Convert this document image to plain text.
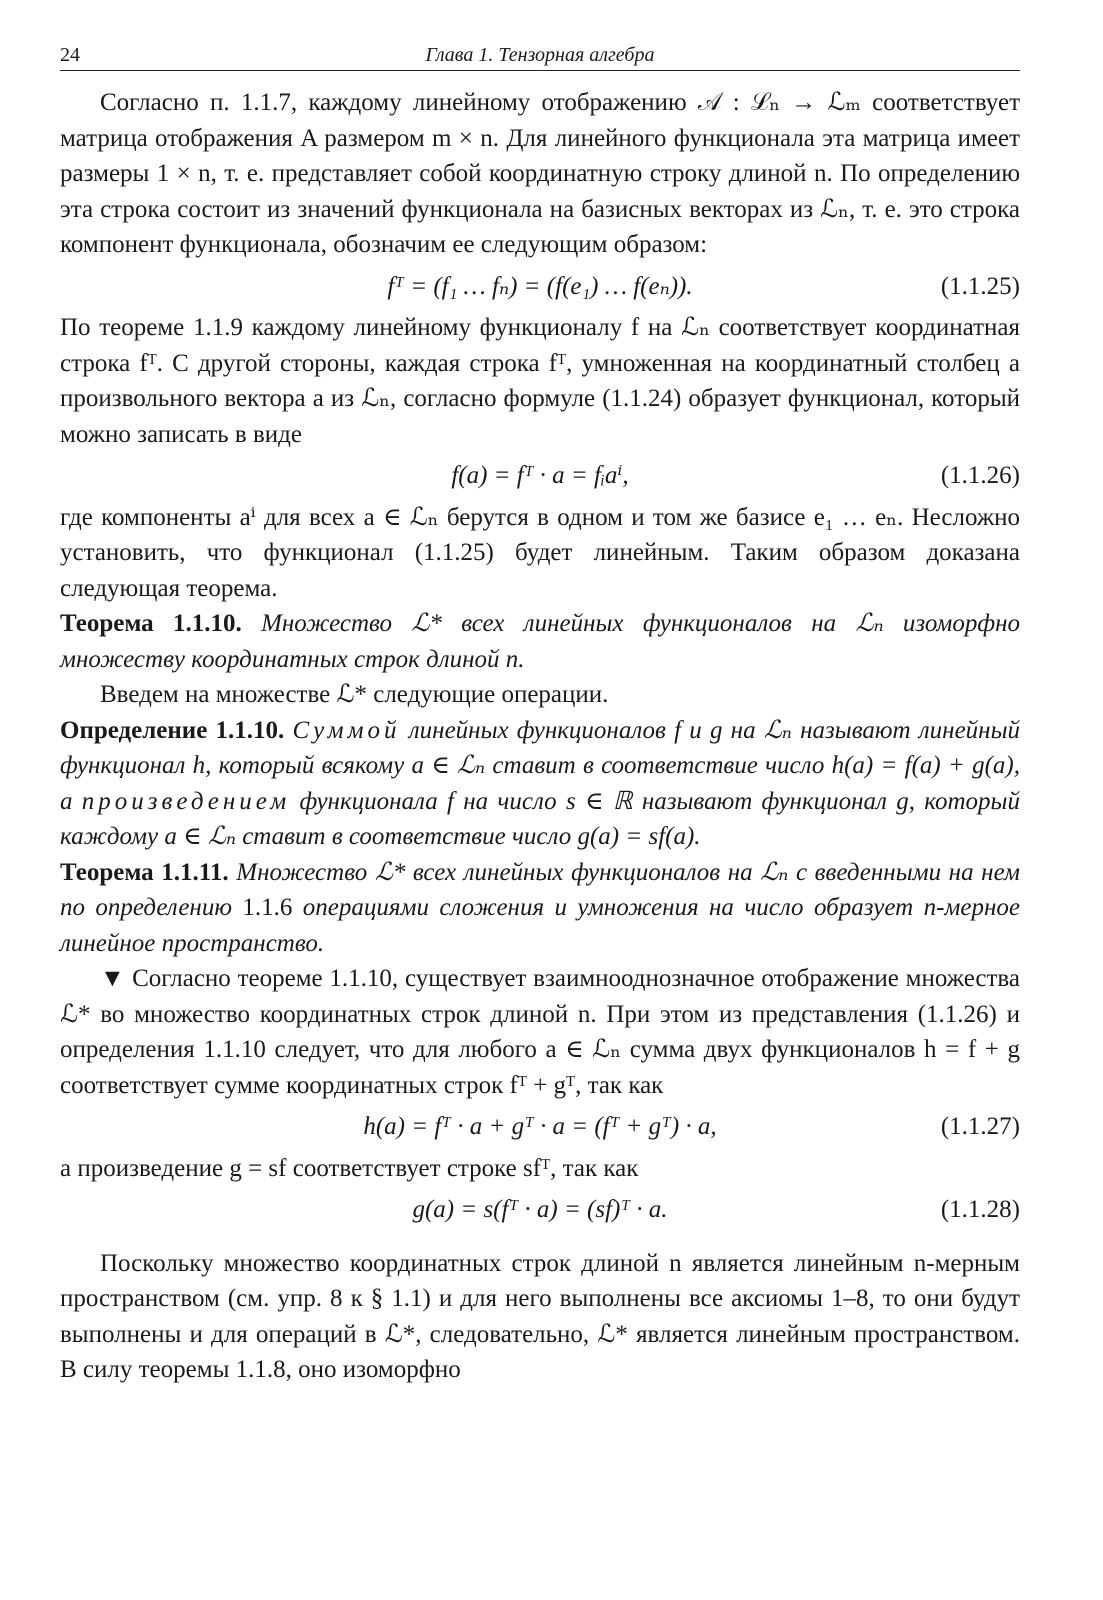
24	Глава 1. Тензорная алгебра

Согласно п. 1.1.7, каждому линейному отображению 𝒜 : ℒₙ → ℒₘ соответствует матрица отображения A размером m × n. Для линейного функционала эта матрица имеет размеры 1 × n, т. е. представляет собой координатную строку длиной n. По определению эта строка состоит из значений функционала на базисных векторах из ℒₙ, т. е. это строка компонент функционала, обозначим ее следующим образом:

fᵀ = (f₁ … fₙ) = (f(e₁) … f(eₙ)).	(1.1.25)

По теореме 1.1.9 каждому линейному функционалу f на ℒₙ соответствует координатная строка fᵀ. С другой стороны, каждая строка fᵀ, умноженная на координатный столбец a произвольного вектора a из ℒₙ, согласно формуле (1.1.24) образует функционал, который можно записать в виде

f(a) = fᵀ · a = fᵢaⁱ,	(1.1.26)

где компоненты aⁱ для всех a ∈ ℒₙ берутся в одном и том же базисе e₁ … eₙ. Несложно установить, что функционал (1.1.25) будет линейным. Таким образом доказана следующая теорема.

Теорема 1.1.10. Множество ℒ* всех линейных функционалов на ℒₙ изоморфно множеству координатных строк длиной n.

Введем на множестве ℒ* следующие операции.

Определение 1.1.10. Суммой линейных функционалов f и g на ℒₙ называют линейный функционал h, который всякому a ∈ ℒₙ ставит в соответствие число h(a) = f(a) + g(a), а произведением функционала f на число s ∈ ℝ называют функционал g, который каждому a ∈ ℒₙ ставит в соответствие число g(a) = sf(a).

Теорема 1.1.11. Множество ℒ* всех линейных функционалов на ℒₙ с введенными на нем по определению 1.1.6 операциями сложения и умножения на число образует n-мерное линейное пространство.

▼ Согласно теореме 1.1.10, существует взаимнооднозначное отображение множества ℒ* во множество координатных строк длиной n. При этом из представления (1.1.26) и определения 1.1.10 следует, что для любого a ∈ ℒₙ сумма двух функционалов h = f + g соответствует сумме координатных строк fᵀ + gᵀ, так как

h(a) = fᵀ · a + gᵀ · a = (fᵀ + gᵀ) · a,	(1.1.27)

а произведение g = sf соответствует строке sfᵀ, так как

g(a) = s(fᵀ · a) = (sf)ᵀ · a.	(1.1.28)

Поскольку множество координатных строк длиной n является линейным n-мерным пространством (см. упр. 8 к § 1.1) и для него выполнены все аксиомы 1–8, то они будут выполнены и для операций в ℒ*, следовательно, ℒ* является линейным пространством. В силу теоремы 1.1.8, оно изоморфно
